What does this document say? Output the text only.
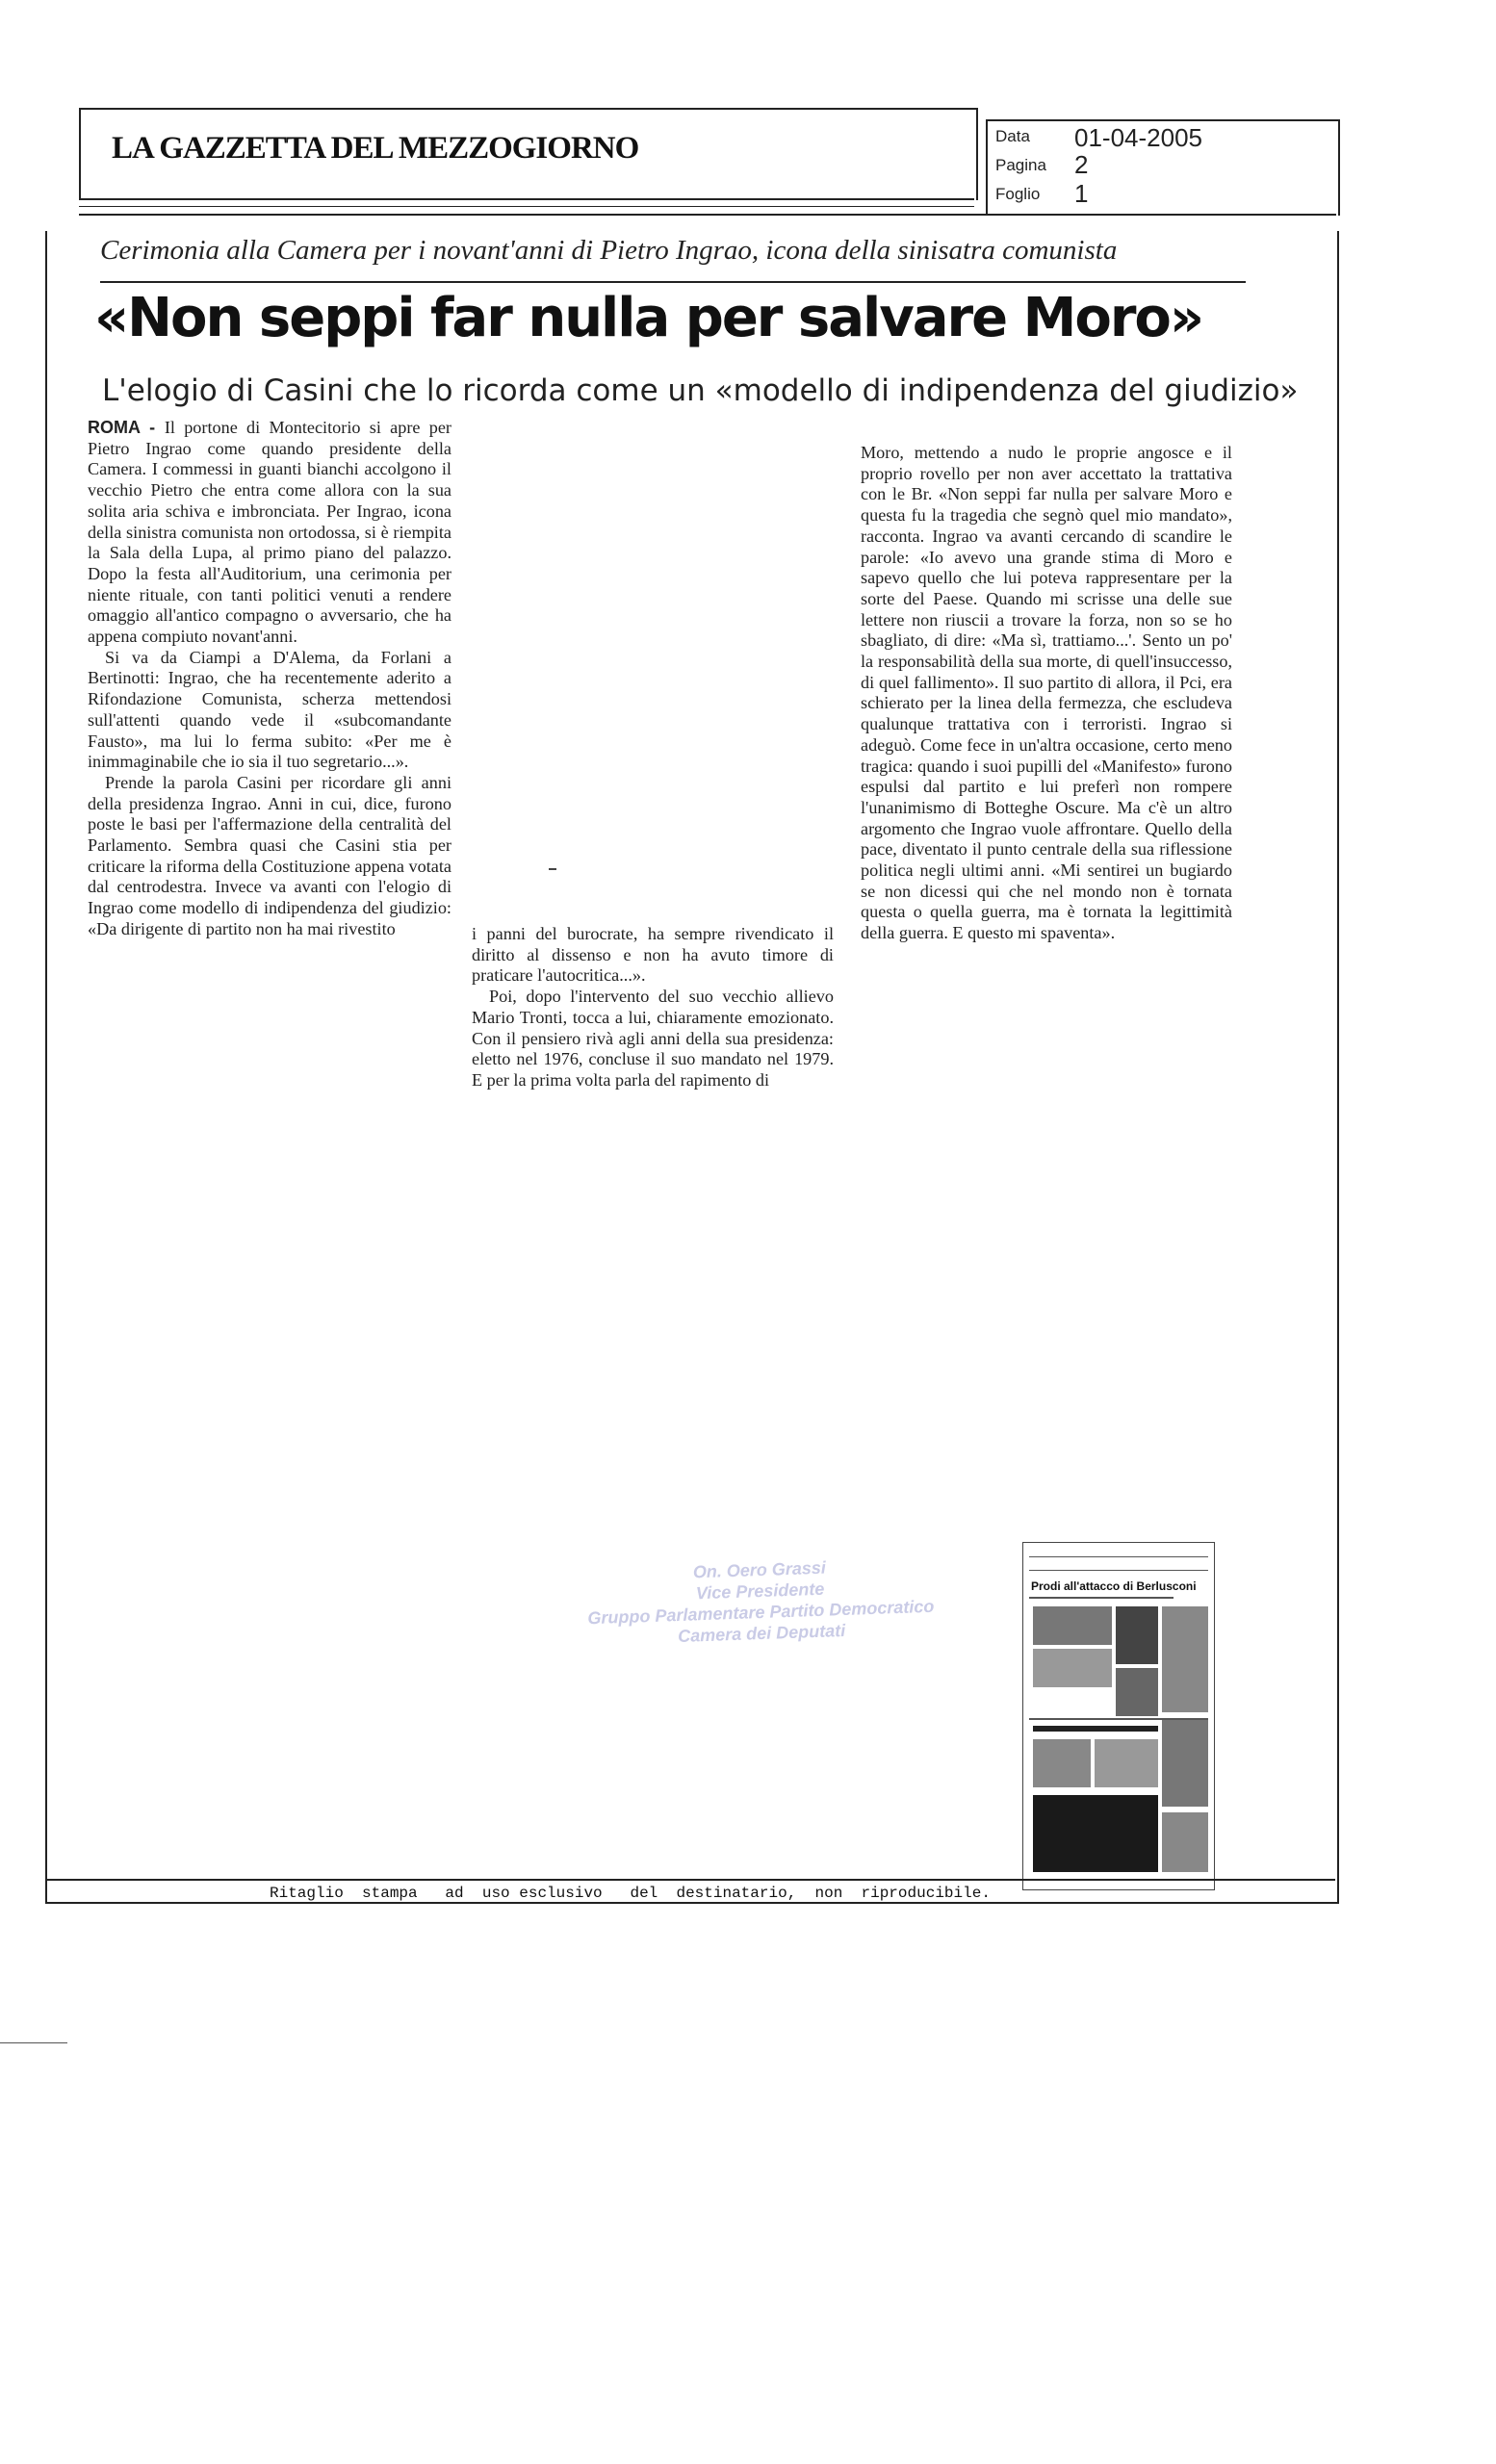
LA GAZZETTA DEL MEZZOGIORNO	Data 01-04-2005
Pagina 2
Foglio 1
Cerimonia alla Camera per i novant'anni di Pietro Ingrao, icona della sinisatra comunista
«Non seppi far nulla per salvare Moro»
L'elogio di Casini che lo ricorda come un «modello di indipendenza del giudizio»

ROMA - Il portone di Montecitorio si apre per Pietro Ingrao come quando presidente della Camera. I commessi in guanti bianchi accolgono il vecchio Pietro che entra come allora con la sua solita aria schiva e imbronciata. Per Ingrao, icona della sinistra comunista non ortodossa, si è riempita la Sala della Lupa, al primo piano del palazzo. Dopo la festa all'Auditorium, una cerimonia per niente rituale, con tanti politici venuti a rendere omaggio all'antico compagno o avversario, che ha appena compiuto novant'anni.

Si va da Ciampi a D'Alema, da Forlani a Bertinotti: Ingrao, che ha recentemente aderito a Rifondazione Comunista, scherza mettendosi sull'attenti quando vede il «subcomandante Fausto», ma lui lo ferma subito: «Per me è inimmaginabile che io sia il tuo segretario...».

Prende la parola Casini per ricordare gli anni della presidenza Ingrao. Anni in cui, dice, furono poste le basi per l'affermazione della centralità del Parlamento. Sembra quasi che Casini stia per criticare la riforma della Costituzione appena votata dal centrodestra. Invece va avanti con l'elogio di Ingrao come modello di indipendenza del giudizio: «Da dirigente di partito non ha mai rivestito	i panni del burocrate, ha sempre rivendicato il diritto al dissenso e non ha avuto timore di praticare l'autocritica...».

Poi, dopo l'intervento del suo vecchio allievo Mario Tronti, tocca a lui, chiaramente emozionato. Con il pensiero rivà agli anni della sua presidenza: eletto nel 1976, concluse il suo mandato nel 1979. E per la prima volta parla del rapimento di

Moro, mettendo a nudo le proprie angosce e il proprio rovello per non aver accettato la trattativa con le Br. «Non seppi far nulla per salvare Moro e questa fu la tragedia che segnò quel mio mandato», racconta. Ingrao va avanti cercando di scandire le parole: «Io avevo una grande stima di Moro e sapevo quello che lui poteva rappresentare per la sorte del Paese. Quando mi scrisse una delle sue lettere non riuscii a trovare la forza, non so se ho sbagliato, di dire: «Ma sì, trattiamo...'. Sento un po' la responsabilità della sua morte, di quell'insuccesso, di quel fallimento». Il suo partito di allora, il Pci, era schierato per la linea della fermezza, che escludeva qualunque trattativa con i terroristi. Ingrao si adeguò. Come fece in un'altra occasione, certo meno tragica: quando i suoi pupilli del «Manifesto» furono espulsi dal partito e lui preferì non rompere l'unanimismo di Botteghe Oscure. Ma c'è un altro argomento che Ingrao vuole affrontare. Quello della pace, diventato il punto centrale della sua riflessione politica negli ultimi anni. «Mi sentirei un bugiardo se non dicessi qui che nel mondo non è tornata questa o quella guerra, ma è tornata la legittimità della guerra. E questo mi spaventa».

On. Oero Grassi
Vice Presidente
Gruppo Parlamentare Partito Democratico
Camera dei Deputati
Prodi all'attacco di Berlusconi
Ritaglio  stampa   ad  uso esclusivo   del  destinatario,  non  riproducibile.
